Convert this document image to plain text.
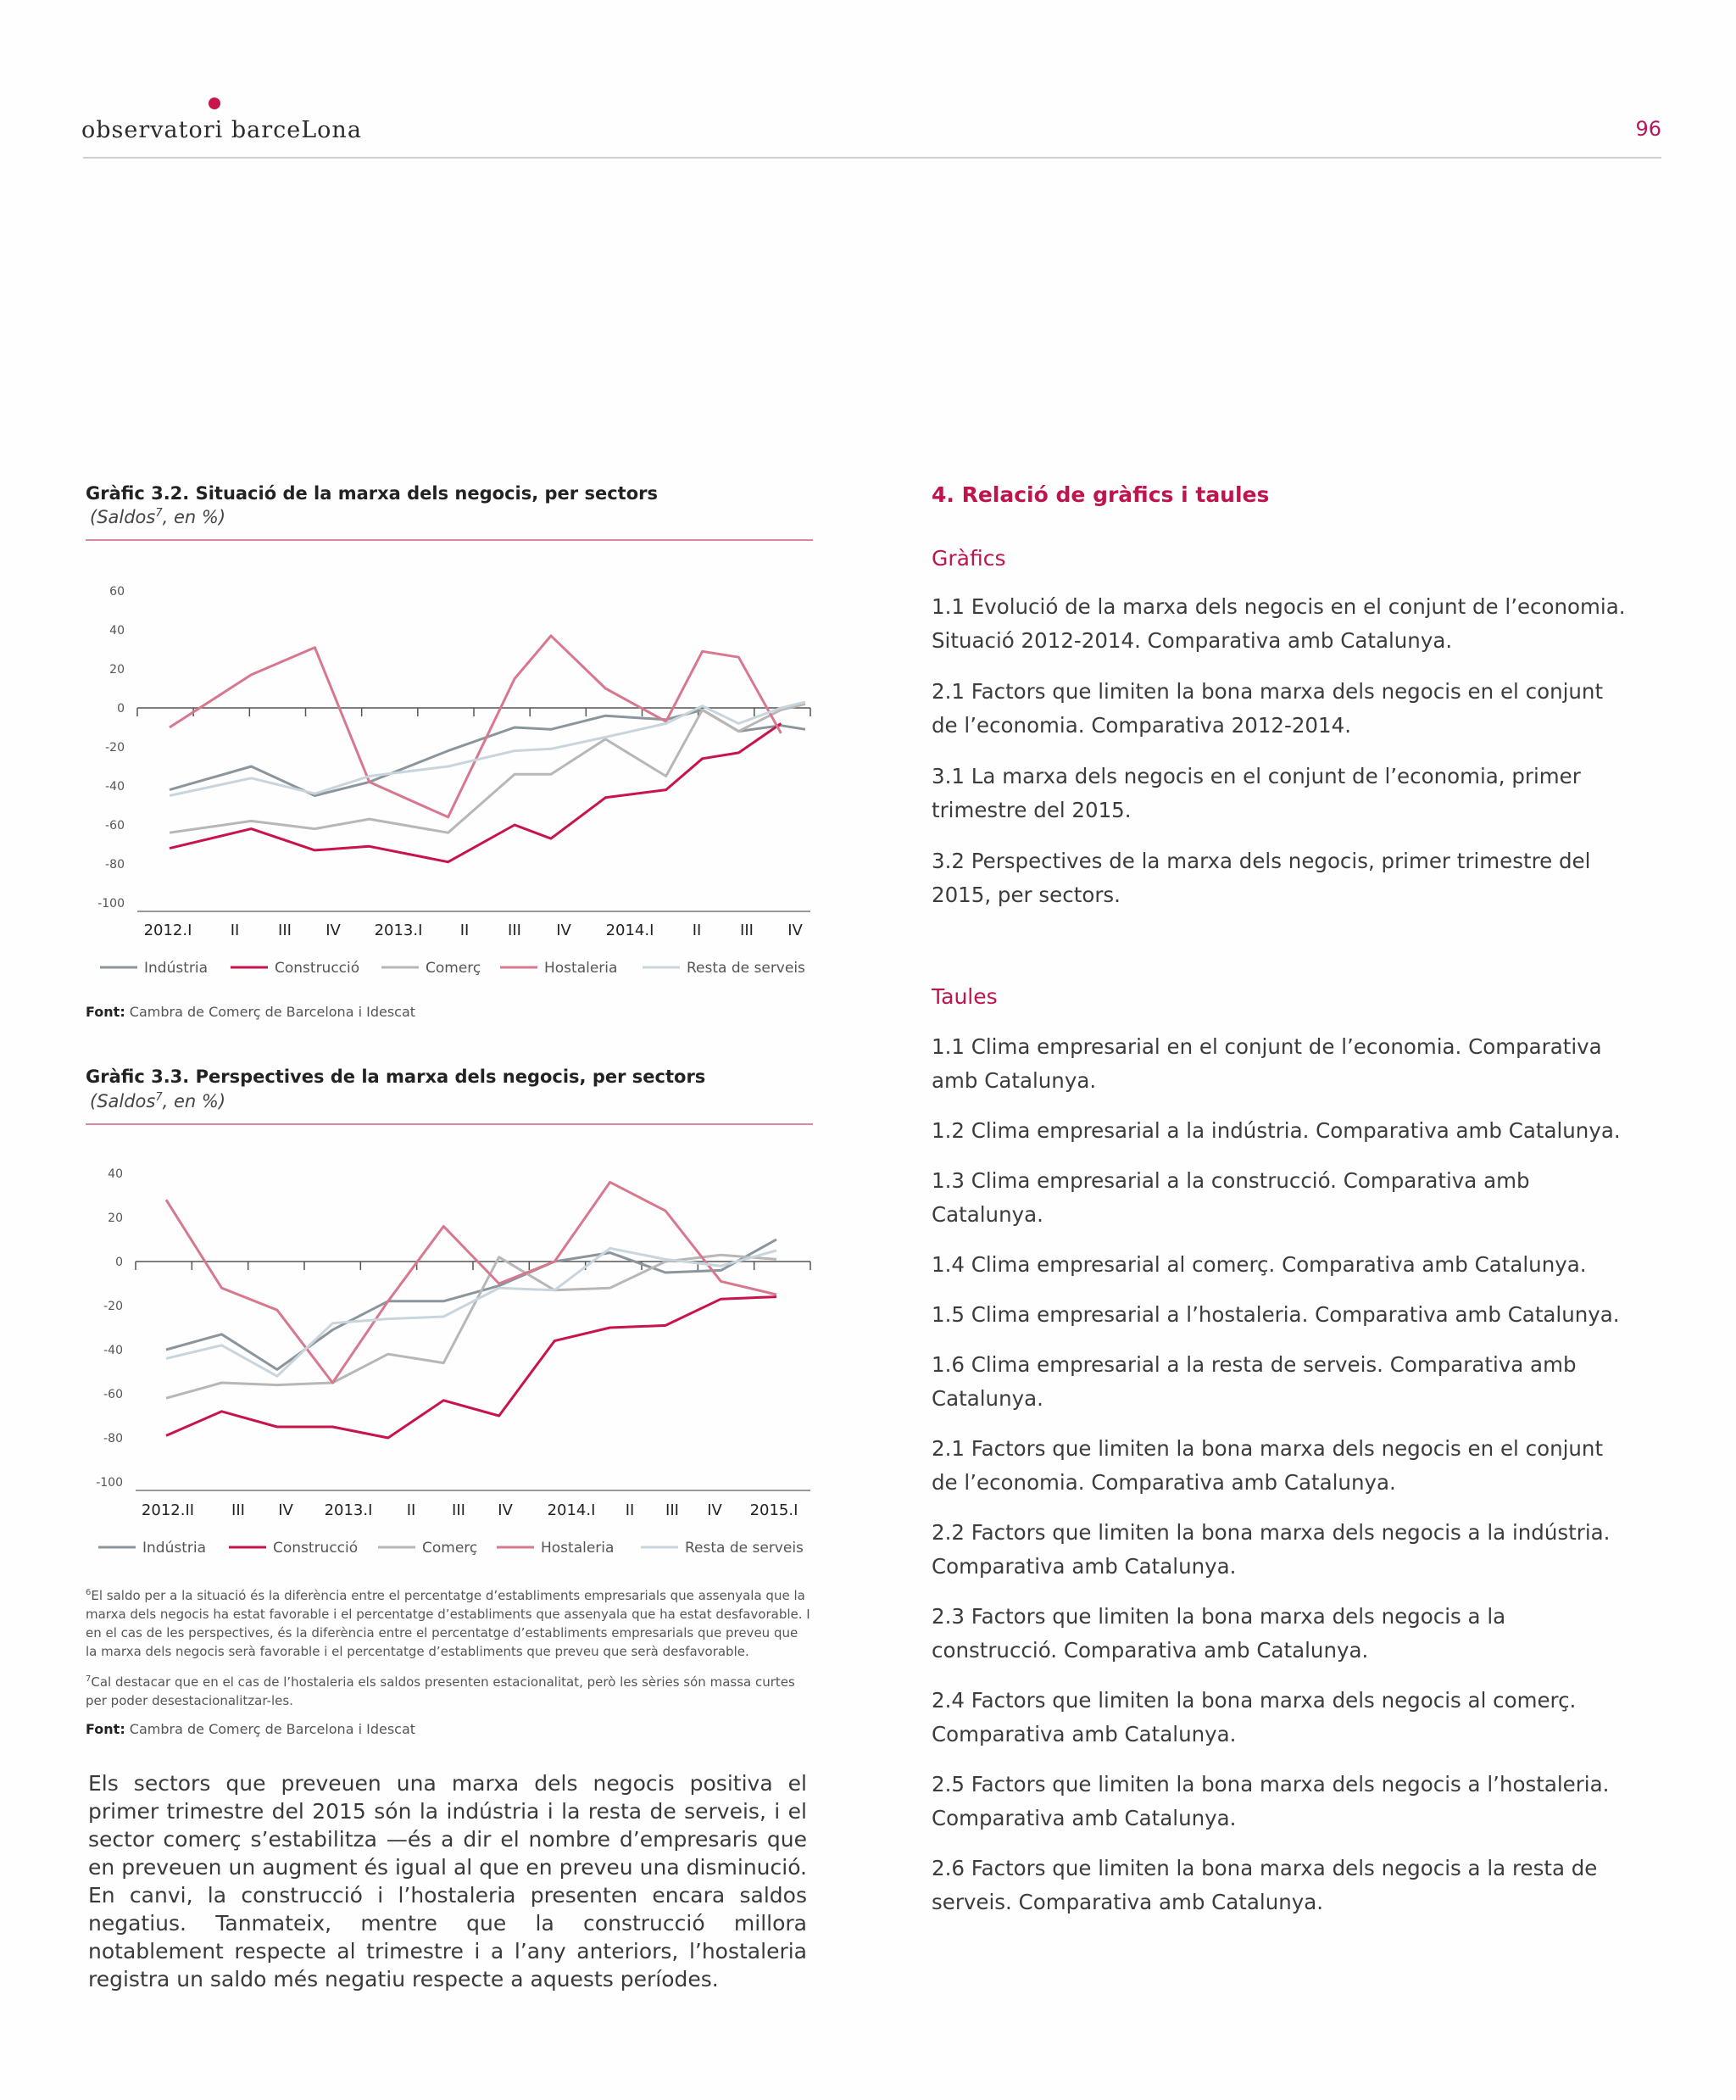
observatori barceLona	96
Gràfic 3.2. Situació de la marxa dels negocis, per sectors
(Saldos$^7$, en %)
60
40
20
0
-20
-40
-60
-80
-100
2012.I	II	III IV 2013.I II	III IV 2014.I	II	III IV
Indústria	Construcció	Comerç	Hostaleria	Resta de serveis
Font: Cambra de Comerç de Barcelona i Idescat
Gràfic 3.3. Perspectives de la marxa dels negocis, per sectors
(Saldos$^7$, en %)
40
20
0
-20
-40
-60
-80
-100
2012.II III IV 2013.I II III IV 2014.I II III IV 2015.I
Indústria	Construcció	Comerç	Hostaleria	Resta de serveis
$^6$El saldo per a la situació és la diferència entre el percentatge d’establiments empresarials que assenyala que la marxa dels negocis ha estat favorable i el percentatge d’establiments que assenyala que ha estat desfavorable. I en el cas de les perspectives, és la diferència entre el percentatge d’establiments empresarials que preveu que la marxa dels negocis serà favorable i el percentatge d’establiments que preveu que serà desfavorable.
$^7$Cal destacar que en el cas de l’hostaleria els saldos presenten estacionalitat, però les sèries són massa curtes per poder desestacionalitzar-les.
Font: Cambra de Comerç de Barcelona i Idescat
Els sectors que preveuen una marxa dels negocis positiva el primer trimestre del 2015 són la indústria i la resta de serveis, i el sector comerç s’estabilitza —és a dir el nombre d’empresaris que en preveuen un augment és igual al que en preveu una disminució. En canvi, la construcció i l’hostaleria presenten encara saldos negatius. Tanmateix, mentre que la construcció millora notablement respecte al trimestre i a l’any anteriors, l’hostaleria registra un saldo més negatiu respecte a aquests períodes.
4. Relació de gràfics i taules
Gràfics
1.1 Evolució de la marxa dels negocis en el conjunt de l’economia. Situació 2012-2014. Comparativa amb Catalunya.
2.1 Factors que limiten la bona marxa dels negocis en el conjunt de l’economia. Comparativa 2012-2014.
3.1 La marxa dels negocis en el conjunt de l’economia, primer trimestre del 2015.
3.2 Perspectives de la marxa dels negocis, primer trimestre del 2015, per sectors.
Taules
1.1 Clima empresarial en el conjunt de l’economia. Comparativa amb Catalunya.
1.2 Clima empresarial a la indústria. Comparativa amb Catalunya.
1.3 Clima empresarial a la construcció. Comparativa amb Catalunya.
1.4 Clima empresarial al comerç. Comparativa amb Catalunya.
1.5 Clima empresarial a l’hostaleria. Comparativa amb Catalunya.
1.6 Clima empresarial a la resta de serveis. Comparativa amb Catalunya.
2.1 Factors que limiten la bona marxa dels negocis en el conjunt de l’economia. Comparativa amb Catalunya.
2.2 Factors que limiten la bona marxa dels negocis a la indústria. Comparativa amb Catalunya.
2.3 Factors que limiten la bona marxa dels negocis a la construcció. Comparativa amb Catalunya.
2.4 Factors que limiten la bona marxa dels negocis al comerç. Comparativa amb Catalunya.
2.5 Factors que limiten la bona marxa dels negocis a l’hostaleria. Comparativa amb Catalunya.
2.6 Factors que limiten la bona marxa dels negocis a la resta de serveis. Comparativa amb Catalunya.
